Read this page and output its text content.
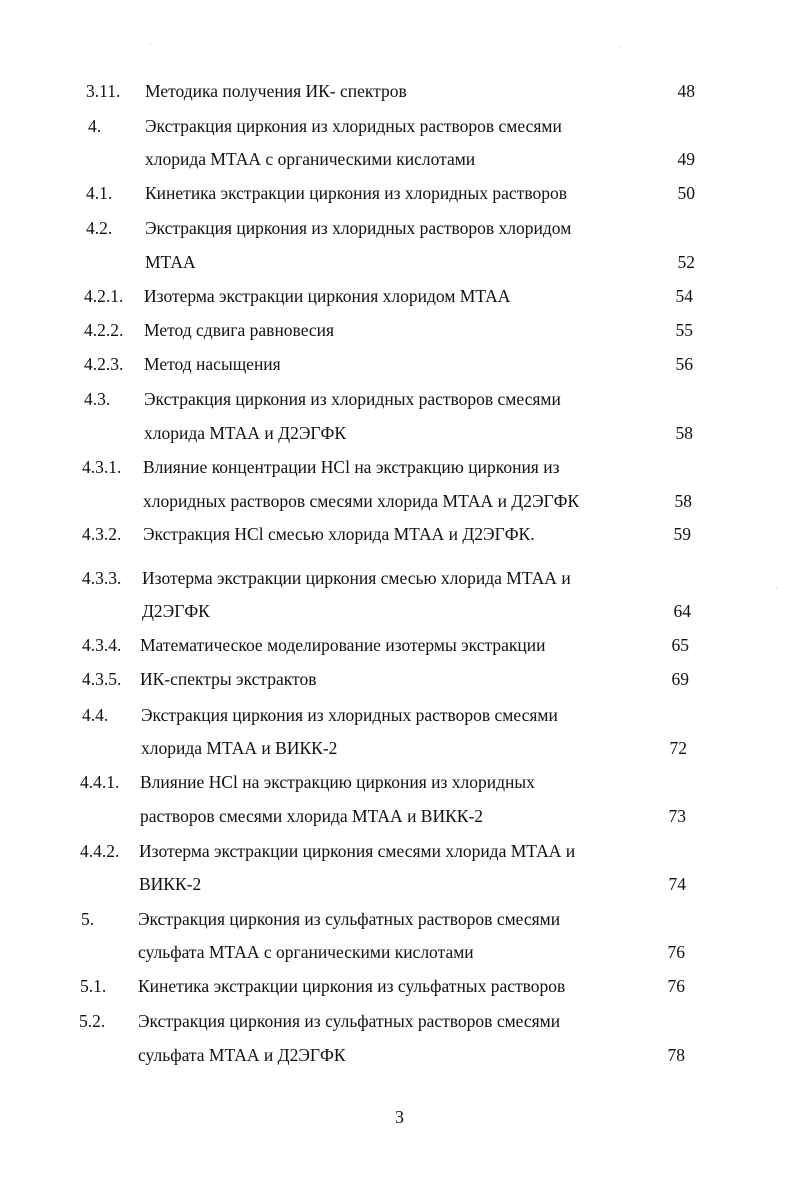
3.11. Методика получения ИК- спектров	48
4.	Экстракция циркония из хлоридных растворов смесями
хлорида МТАА с органическими кислотами	49
4.1. Кинетика экстракции циркония из хлоридных растворов	50
4.2. Экстракция циркония из хлоридных растворов хлоридом
МТАА	52
4.2.1. Изотерма экстракции циркония хлоридом МТАА	54
4.2.2. Метод сдвига равновесия	55
4.2.3. Метод насыщения	56
4.3. Экстракция циркония из хлоридных растворов смесями
хлорида МТАА и Д2ЭГФК	58
4.3.1. Влияние концентрации HCl на экстракцию циркония из
хлоридных растворов смесями хлорида МТАА и Д2ЭГФК	58
4.3.2. Экстракция HCl смесью хлорида МТАА и Д2ЭГФК.	59
4.3.3. Изотерма экстракции циркония смесью хлорида МТАА и
Д2ЭГФК	64
4.3.4. Математическое моделирование изотермы экстракции	65
4.3.5. ИК-спектры экстрактов	69
4.4. Экстракция циркония из хлоридных растворов смесями
хлорида МТАА и ВИКК-2	72
4.4.1. Влияние HCl на экстракцию циркония из хлоридных
растворов смесями хлорида МТАА и ВИКК-2	73
4.4.2. Изотерма экстракции циркония смесями хлорида МТАА и
ВИКК-2	74
5.	Экстракция циркония из сульфатных растворов смесями
сульфата МТАА с органическими кислотами	76
5.1. Кинетика экстракции циркония из сульфатных растворов	76
5.2. Экстракция циркония из сульфатных растворов смесями
сульфата МТАА и Д2ЭГФК	78
3
